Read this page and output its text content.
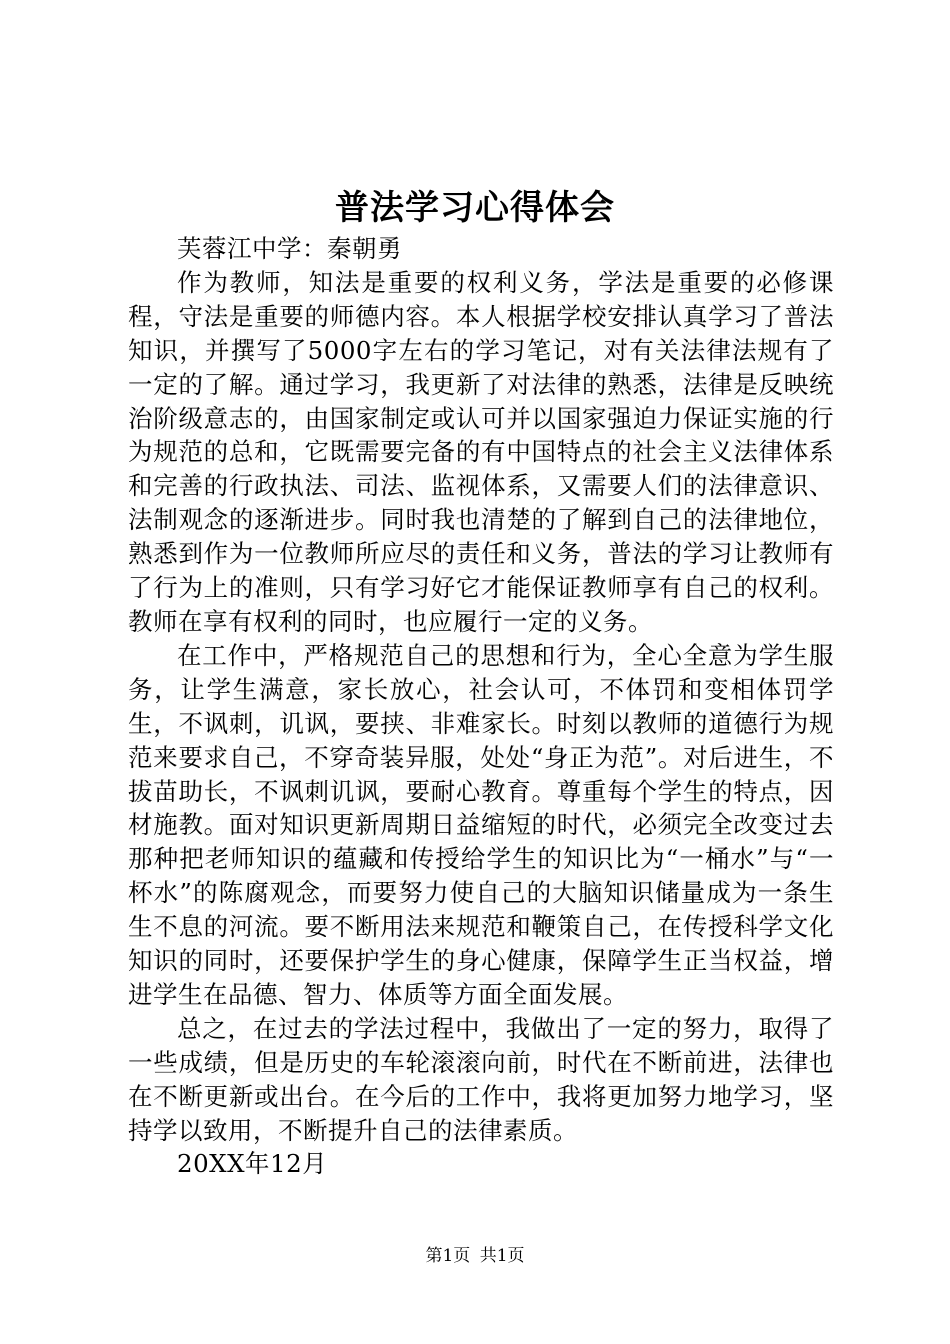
普法学习心得体会

芙蓉江中学：秦朝勇

作为教师，知法是重要的权利义务，学法是重要的必修课程，守法是重要的师德内容。本人根据学校安排认真学习了普法知识，并撰写了5000字左右的学习笔记，对有关法律法规有了一定的了解。通过学习，我更新了对法律的熟悉，法律是反映统治阶级意志的，由国家制定或认可并以国家强迫力保证实施的行为规范的总和，它既需要完备的有中国特点的社会主义法律体系和完善的行政执法、司法、监视体系，又需要人们的法律意识、法制观念的逐渐进步。同时我也清楚的了解到自己的法律地位，熟悉到作为一位教师所应尽的责任和义务，普法的学习让教师有了行为上的准则，只有学习好它才能保证教师享有自己的权利。教师在享有权利的同时，也应履行一定的义务。

在工作中，严格规范自己的思想和行为，全心全意为学生服务，让学生满意，家长放心，社会认可，不体罚和变相体罚学生，不讽刺，讥讽，要挟、非难家长。时刻以教师的道德行为规范来要求自己，不穿奇装异服，处处“身正为范”。对后进生，不拔苗助长，不讽刺讥讽，要耐心教育。尊重每个学生的特点，因材施教。面对知识更新周期日益缩短的时代，必须完全改变过去那种把老师知识的蕴藏和传授给学生的知识比为“一桶水”与“一杯水”的陈腐观念，而要努力使自己的大脑知识储量成为一条生生不息的河流。要不断用法来规范和鞭策自己，在传授科学文化知识的同时，还要保护学生的身心健康，保障学生正当权益，增进学生在品德、智力、体质等方面全面发展。

总之，在过去的学法过程中，我做出了一定的努力，取得了一些成绩，但是历史的车轮滚滚向前，时代在不断前进，法律也在不断更新或出台。在今后的工作中，我将更加努力地学习，坚持学以致用，不断提升自己的法律素质。

20XX年12月

第1页 共1页
